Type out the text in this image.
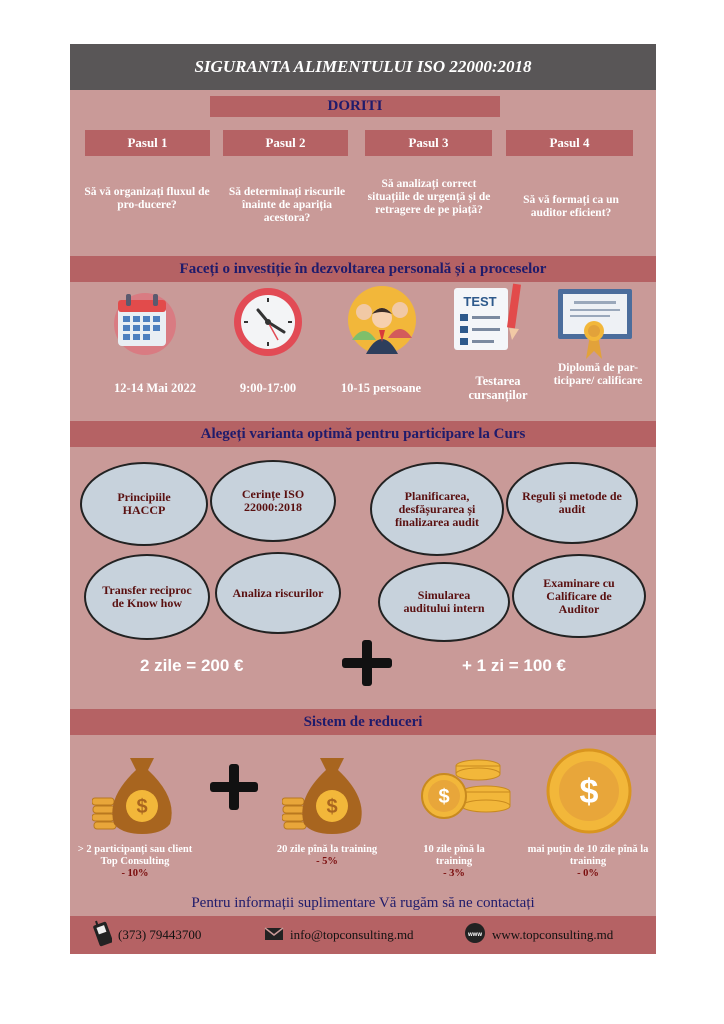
SIGURANTA ALIMENTULUI ISO 22000:2018
DORITI
Pasul 1	Pasul 2	Pasul 3	Pasul 4
Să vă organizați fluxul de pro-ducere?
Să determinați riscurile înainte de apariția acestora?
Să analizați correct situațiile de urgență și de retragere de pe piață?
Să vă formați ca un auditor eficient?
Faceți o investiție în dezvoltarea personală și a proceselor
TEST
12-14 Mai 2022	9:00-17:00	10-15 persoane	Testarea cursanților
Diplomă de par-ticipare/ calificare
Alegeți varianta optimă pentru participare la Curs
Principiile HACCP
Cerințe ISO 22000:2018
Planificarea, desfășurarea și finalizarea audit
Reguli și metode de audit
Transfer reciproc de Know how
Analiza riscurilor	Simularea auditului intern
Examinare cu Calificare de Auditor
2 zile = 200 €	+ 1 zi = 100 €
Sistem de reduceri
$	$	$	$
> 2 participanți sau client Top Consulting
- 10%
20 zile pînă la training
- 5%
10 zile pînă la training
- 3%
mai puțin de 10 zile pînă la training
- 0%
Pentru informații suplimentare Vă rugăm să ne contactați
(373) 79443700	info@topconsulting.md	www www.topconsulting.md
